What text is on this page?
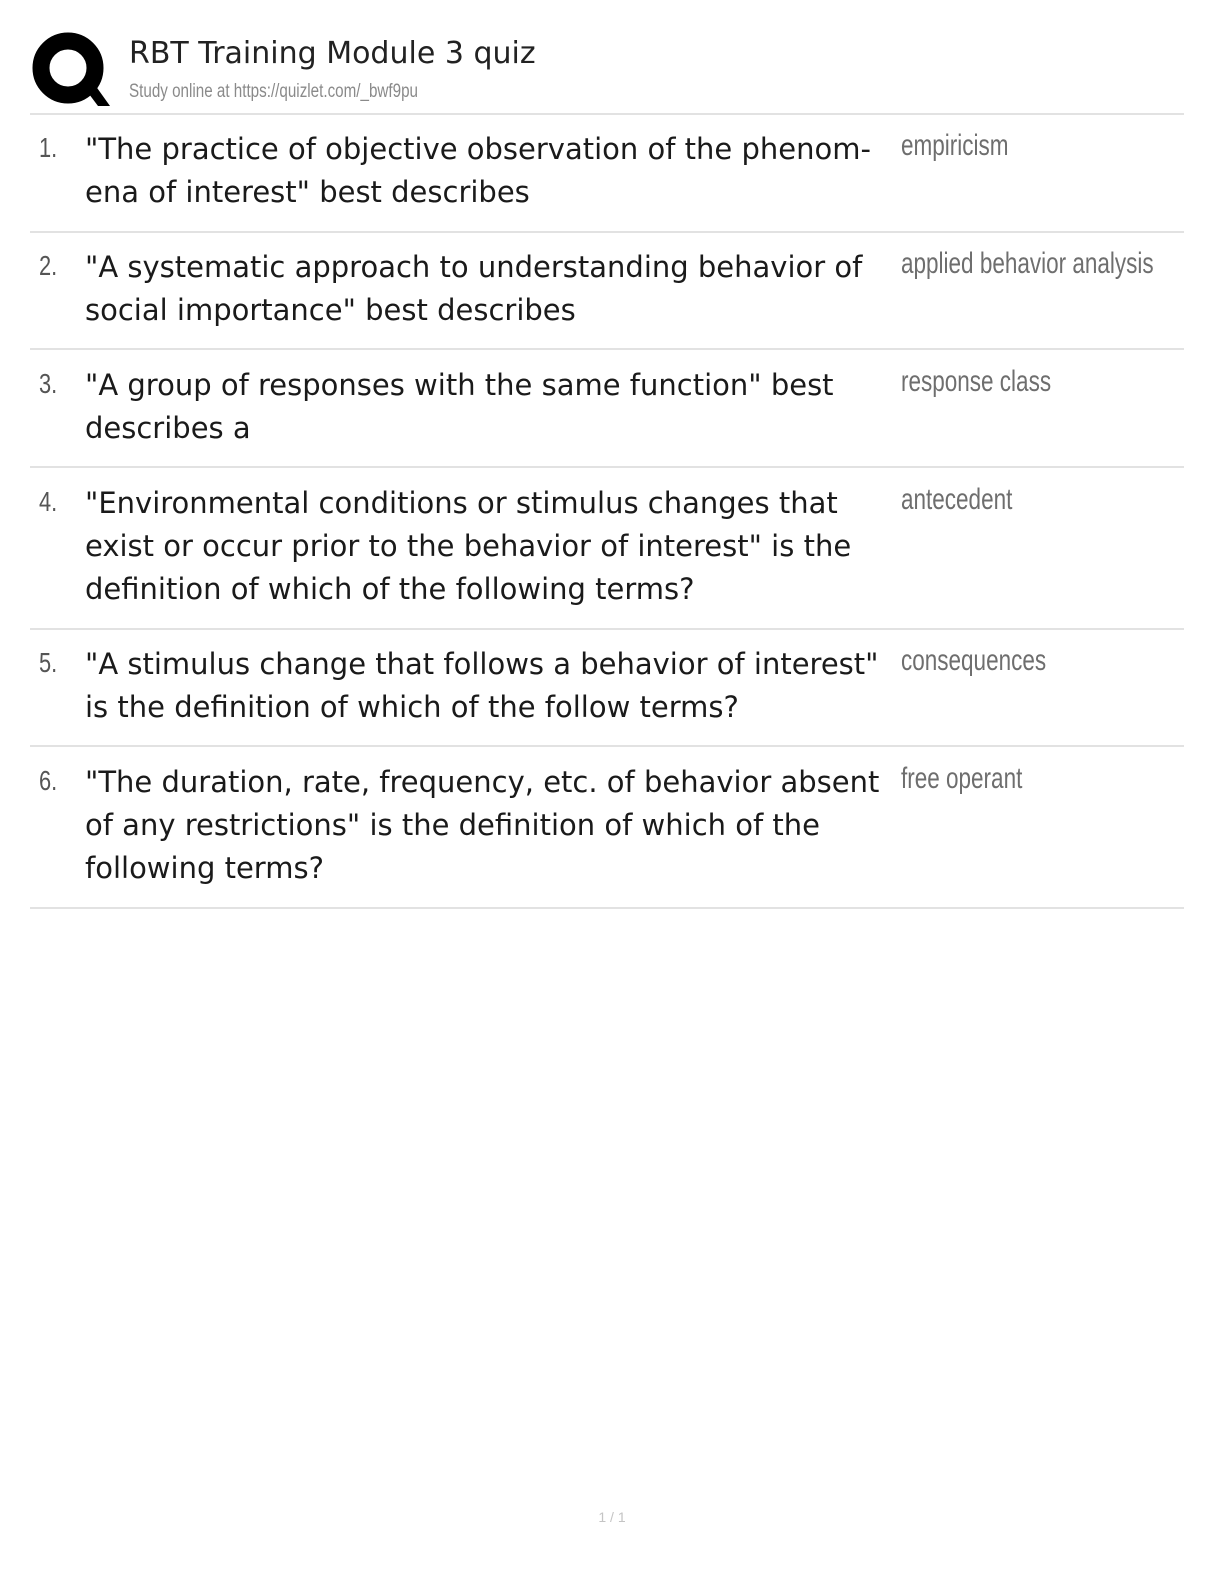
RBT Training Module 3 quiz
Study online at https://quizlet.com/_bwf9pu
1. "The practice of objective observation of the phenom-ena of interest" best describes
empiricism
2. "A systematic approach to understanding behavior of social importance" best describes
applied behavior analysis
3. "A group of responses with the same function" best describes a
response class
4. "Environmental conditions or stimulus changes that exist or occur prior to the behavior of interest" is the definition of which of the following terms?
antecedent
5. "A stimulus change that follows a behavior of interest" is the definition of which of the follow terms?
consequences
6. "The duration, rate, frequency, etc. of behavior absent of any restrictions" is the definition of which of the following terms?
free operant
1 / 1
